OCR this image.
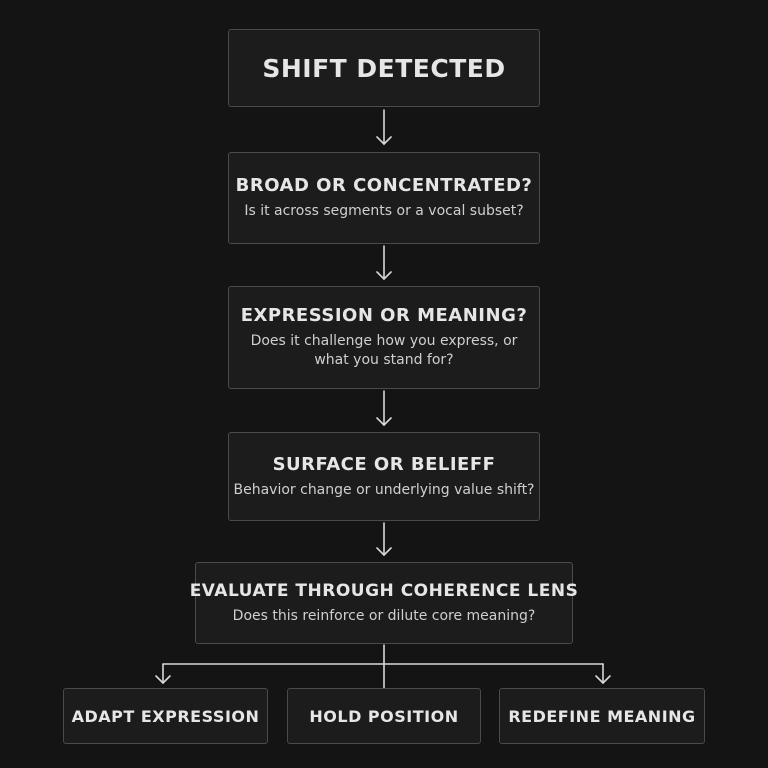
SHIFT DETECTED
BROAD OR CONCENTRATED?
Is it across segments or a vocal subset?
EXPRESSION OR MEANING?
Does it challenge how you express, or
what you stand for?
SURFACE OR BELIEFF
Behavior change or underlying value shift?
EVALUATE THROUGH COHERENCE LENS
Does this reinforce or dilute core meaning?
ADAPT EXPRESSION	HOLD POSITION	REDEFINE MEANING
